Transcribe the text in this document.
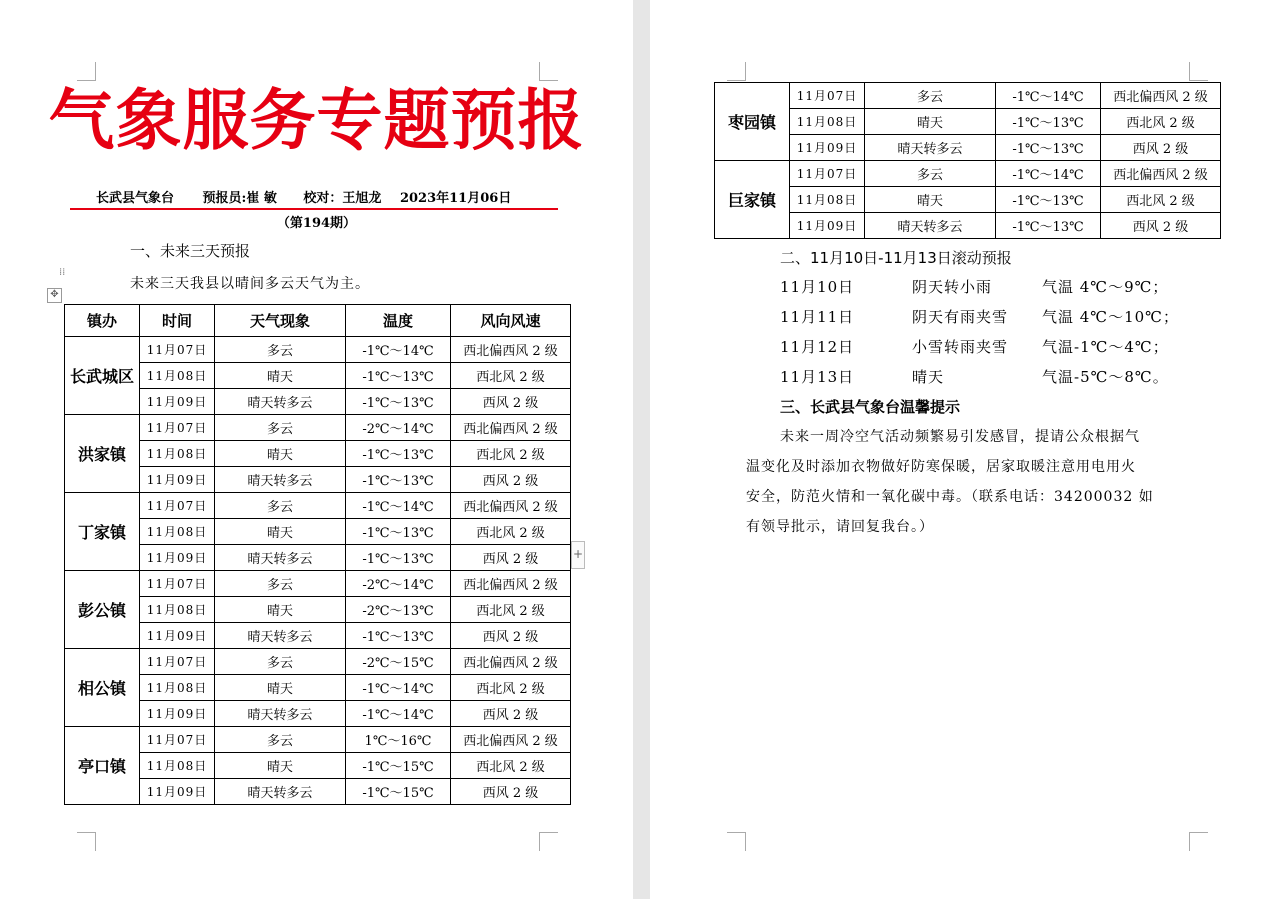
气象服务专题预报
长武县气象台 预报员:崔 敏 校对：王旭龙 2023年11月06日
（第194期）
一、未来三天预报
未来三天我县以晴间多云天气为主。
⁞⁞
✥
+
镇办	时间	天气现象	温度	风向风速
长武城区	11月07日	多云	-1℃～14℃	西北偏西风 2 级
	11月08日	晴天	-1℃～13℃	西北风 2 级
	11月09日	晴天转多云	-1℃～13℃	西风 2 级
洪家镇	11月07日	多云	-2℃～14℃	西北偏西风 2 级
	11月08日	晴天	-1℃～13℃	西北风 2 级
	11月09日	晴天转多云	-1℃～13℃	西风 2 级
丁家镇	11月07日	多云	-1℃～14℃	西北偏西风 2 级
	11月08日	晴天	-1℃～13℃	西北风 2 级
	11月09日	晴天转多云	-1℃～13℃	西风 2 级
彭公镇	11月07日	多云	-2℃～14℃	西北偏西风 2 级
	11月08日	晴天	-2℃～13℃	西北风 2 级
	11月09日	晴天转多云	-1℃～13℃	西风 2 级
相公镇	11月07日	多云	-2℃～15℃	西北偏西风 2 级
	11月08日	晴天	-1℃～14℃	西北风 2 级
	11月09日	晴天转多云	-1℃～14℃	西风 2 级
亭口镇	11月07日	多云	1℃～16℃	西北偏西风 2 级
	11月08日	晴天	-1℃～15℃	西北风 2 级
	11月09日	晴天转多云	-1℃～15℃	西风 2 级
枣园镇	11月07日	多云	-1℃～14℃	西北偏西风 2 级
	11月08日	晴天	-1℃～13℃	西北风 2 级
	11月09日	晴天转多云	-1℃～13℃	西风 2 级
巨家镇	11月07日	多云	-1℃～14℃	西北偏西风 2 级
	11月08日	晴天	-1℃～13℃	西北风 2 级
	11月09日	晴天转多云	-1℃～13℃	西风 2 级
二、11月10日-11月13日滚动预报
11月10日	阴天转小雨	气温 4℃～9℃；
11月11日	阴天有雨夹雪 气温 4℃～10℃；
11月12日	小雪转雨夹雪 气温-1℃～4℃；
11月13日	晴天	气温-5℃～8℃。
三、长武县气象台温馨提示
未来一周冷空气活动频繁易引发感冒，提请公众根据气
温变化及时添加衣物做好防寒保暖，居家取暖注意用电用火
安全，防范火情和一氧化碳中毒。（联系电话：34200032 如
有领导批示，请回复我台。）
